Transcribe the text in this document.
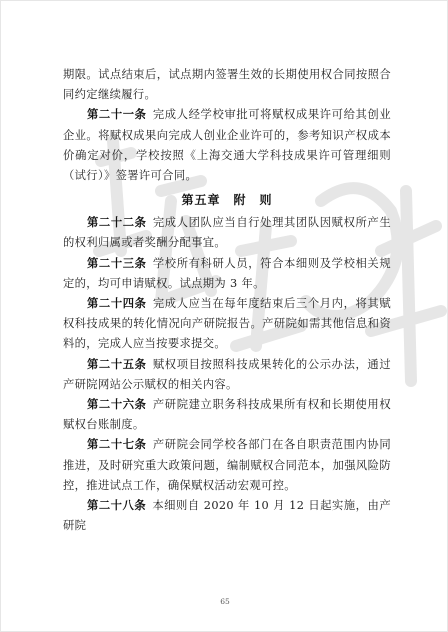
期限。试点结束后，试点期内签署生效的长期使用权合同按照合同约定继续履行。

第二十一条  完成人经学校审批可将赋权成果许可给其创业企业。将赋权成果向完成人创业企业许可的，参考知识产权成本价确定对价，学校按照《上海交通大学科技成果许可管理细则（试行）》签署许可合同。

第五章　附　则

第二十二条  完成人团队应当自行处理其团队因赋权所产生的权利归属或者奖酬分配事宜。

第二十三条  学校所有科研人员，符合本细则及学校相关规定的，均可申请赋权。试点期为 3 年。

第二十四条  完成人应当在每年度结束后三个月内，将其赋权科技成果的转化情况向产研院报告。产研院如需其他信息和资料的，完成人应当按要求提交。

第二十五条  赋权项目按照科技成果转化的公示办法，通过产研院网站公示赋权的相关内容。

第二十六条  产研院建立职务科技成果所有权和长期使用权赋权台账制度。

第二十七条  产研院会同学校各部门在各自职责范围内协同推进，及时研究重大政策问题，编制赋权合同范本，加强风险防控，推进试点工作，确保赋权活动宏观可控。

第二十八条  本细则自 2020 年 10 月 12 日起实施，由产研院

65
